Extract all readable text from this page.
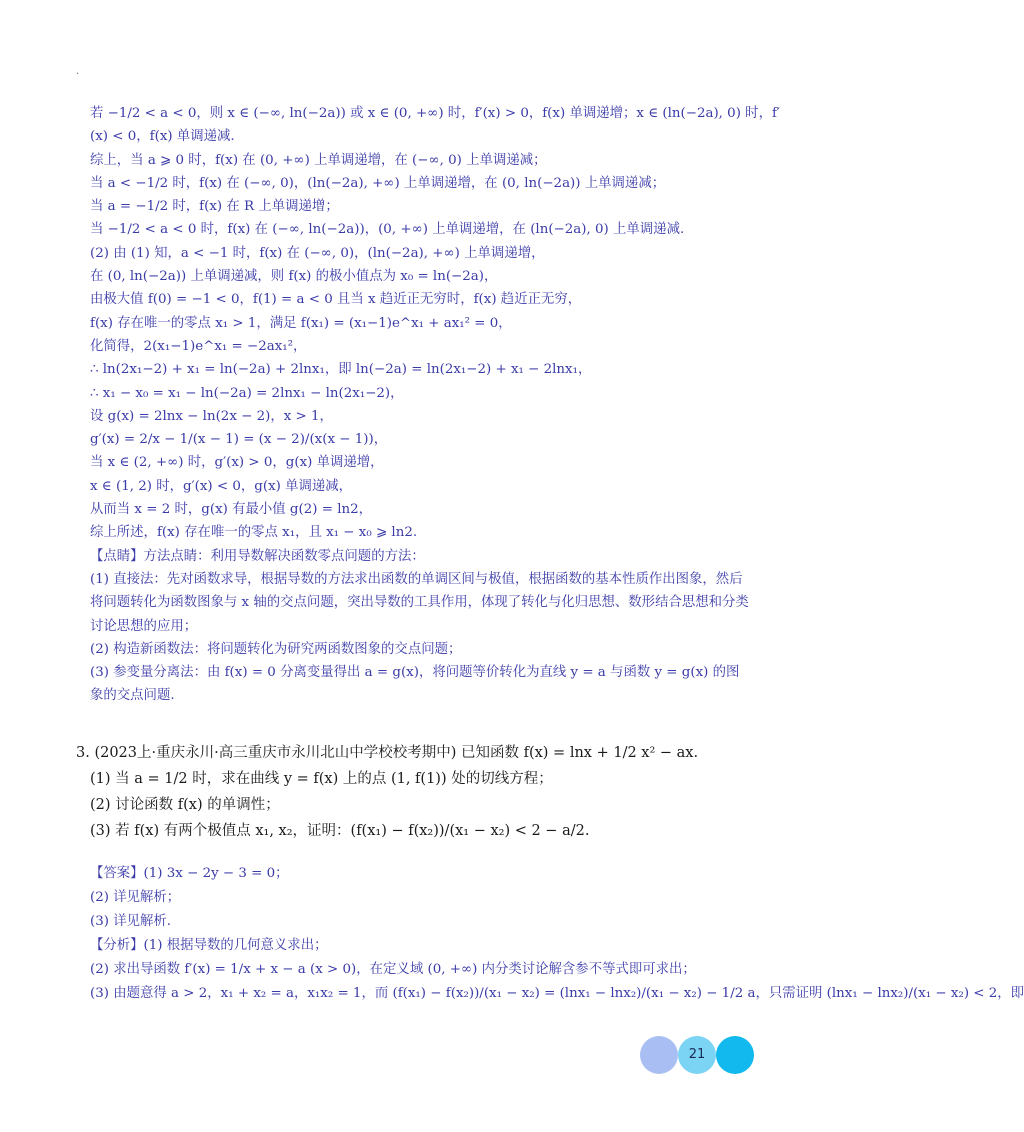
.
若 −1/2 < a < 0，则 x ∈ (−∞, ln(−2a)) 或 x ∈ (0, +∞) 时，f′(x) > 0，f(x) 单调递增；x ∈ (ln(−2a), 0) 时，f′
(x) < 0，f(x) 单调递减.
综上，当 a ⩾ 0 时，f(x) 在 (0, +∞) 上单调递增，在 (−∞, 0) 上单调递减；
当 a < −1/2 时，f(x) 在 (−∞, 0)，(ln(−2a), +∞) 上单调递增，在 (0, ln(−2a)) 上单调递减；
当 a = −1/2 时，f(x) 在 R 上单调递增；
当 −1/2 < a < 0 时，f(x) 在 (−∞, ln(−2a))，(0, +∞) 上单调递增，在 (ln(−2a), 0) 上单调递减.
(2) 由 (1) 知，a < −1 时，f(x) 在 (−∞, 0)，(ln(−2a), +∞) 上单调递增，
在 (0, ln(−2a)) 上单调递减，则 f(x) 的极小值点为 x₀ = ln(−2a)，
由极大值 f(0) = −1 < 0，f(1) = a < 0 且当 x 趋近正无穷时，f(x) 趋近正无穷，
f(x) 存在唯一的零点 x₁ > 1，满足 f(x₁) = (x₁−1)e^x₁ + ax₁² = 0，
化简得，2(x₁−1)e^x₁ = −2ax₁²，
∴ ln(2x₁−2) + x₁ = ln(−2a) + 2lnx₁，即 ln(−2a) = ln(2x₁−2) + x₁ − 2lnx₁，
∴ x₁ − x₀ = x₁ − ln(−2a) = 2lnx₁ − ln(2x₁−2)，
设 g(x) = 2lnx − ln(2x − 2)，x > 1，
g′(x) = 2/x − 1/(x − 1) = (x − 2)/(x(x − 1))，
当 x ∈ (2, +∞) 时，g′(x) > 0，g(x) 单调递增，
x ∈ (1, 2) 时，g′(x) < 0，g(x) 单调递减，
从而当 x = 2 时，g(x) 有最小值 g(2) = ln2，
综上所述，f(x) 存在唯一的零点 x₁，且 x₁ − x₀ ⩾ ln2.
【点睛】方法点睛：利用导数解决函数零点问题的方法：
(1) 直接法：先对函数求导，根据导数的方法求出函数的单调区间与极值，根据函数的基本性质作出图象，然后将问题转化为函数图象与 x 轴的交点问题，突出导数的工具作用，体现了转化与化归思想、数形结合思想和分类讨论思想的应用；
(2) 构造新函数法：将问题转化为研究两函数图象的交点问题；
(3) 参变量分离法：由 f(x) = 0 分离变量得出 a = g(x)，将问题等价转化为直线 y = a 与函数 y = g(x) 的图象的交点问题.
3. (2023上·重庆永川·高三重庆市永川北山中学校校考期中) 已知函数 f(x) = lnx + 1/2 x² − ax.
(1) 当 a = 1/2 时，求在曲线 y = f(x) 上的点 (1, f(1)) 处的切线方程；
(2) 讨论函数 f(x) 的单调性；
(3) 若 f(x) 有两个极值点 x₁, x₂，证明：(f(x₁) − f(x₂))/(x₁ − x₂) < 2 − a/2.
【答案】(1) 3x − 2y − 3 = 0；
(2) 详见解析；
(3) 详见解析.
【分析】(1) 根据导数的几何意义求出；
(2) 求出导函数 f′(x) = 1/x + x − a (x > 0)，在定义域 (0, +∞) 内分类讨论解含参不等式即可求出；
(3) 由题意得 a > 2，x₁ + x₂ = a，x₁x₂ = 1，而 (f(x₁) − f(x₂))/(x₁ − x₂) = (lnx₁ − lnx₂)/(x₁ − x₂) − 1/2 a，只需证明 (lnx₁ − lnx₂)/(x₁ − x₂) < 2，即
21
